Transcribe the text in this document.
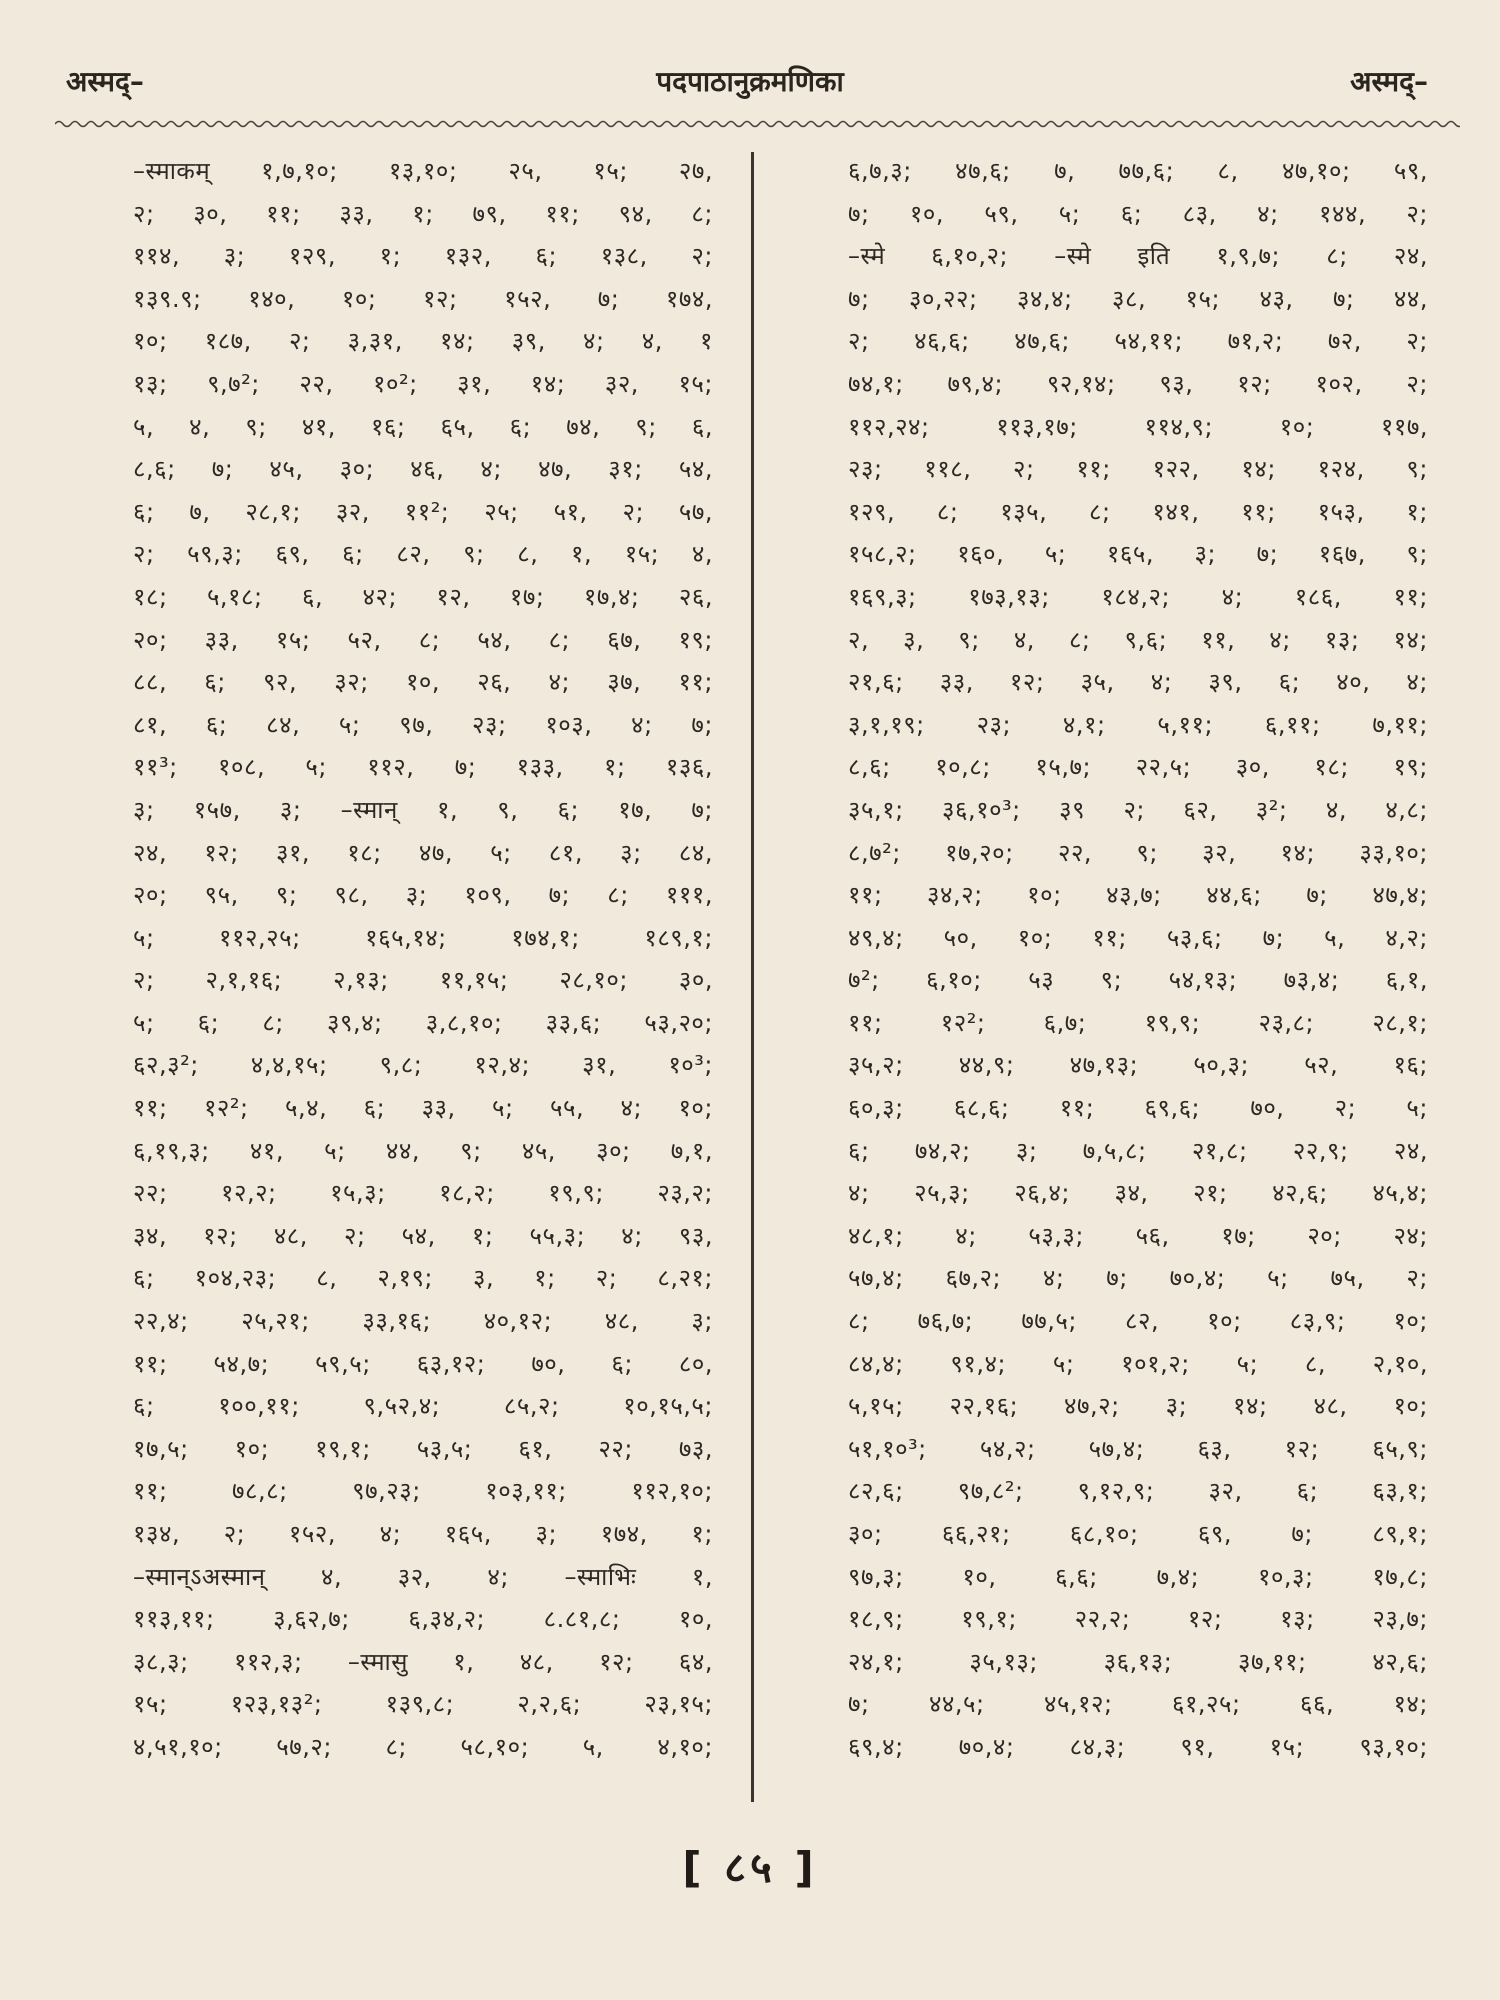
अस्मद्–	पदपाठानुक्रमणिका	अस्मद्–
–स्माकम् १,७,१०; १३,१०; २५, १५; २७,
२; ३०, ११; ३३, १; ७९, ११; ९४, ८;
११४, ३; १२९, १; १३२, ६; १३८, २;
१३९.९; १४०, १०; १२; १५२, ७; १७४,
१०; १८७, २; ३,३१, १४; ३९, ४; ४, १
१३; ९,७²; २२, १०²; ३१, १४; ३२, १५;
५, ४, ९; ४१, १६; ६५, ६; ७४, ९; ६,
८,६; ७; ४५, ३०; ४६, ४; ४७, ३१; ५४,
६; ७, २८,१; ३२, ११²; २५; ५१, २; ५७,
२; ५९,३; ६९, ६; ८२, ९; ८, १, १५; ४,
१८; ५,१८; ६, ४२; १२, १७; १७,४; २६,
२०; ३३, १५; ५२, ८; ५४, ८; ६७, १९;
८८, ६; ९२, ३२; १०, २६, ४; ३७, ११;
८१, ६; ८४, ५; ९७, २३; १०३, ४; ७;
११³; १०८, ५; ११२, ७; १३३, १; १३६,
३; १५७, ३; –स्मान् १, ९, ६; १७, ७;
२४, १२; ३१, १८; ४७, ५; ८१, ३; ८४,
२०; ९५, ९; ९८, ३; १०९, ७; ८; १११,
५; ११२,२५; १६५,१४; १७४,१; १८९,१;
२; २,१,१६; २,१३; ११,१५; २८,१०; ३०,
५; ६; ८; ३९,४; ३,८,१०; ३३,६; ५३,२०;
६२,३²; ४,४,१५; ९,८; १२,४; ३१, १०³;
११; १२²; ५,४, ६; ३३, ५; ५५, ४; १०;
६,१९,३; ४१, ५; ४४, ९; ४५, ३०; ७,१,
२२; १२,२; १५,३; १८,२; १९,९; २३,२;
३४, १२; ४८, २; ५४, १; ५५,३; ४; ९३,
६; १०४,२३; ८, २,१९; ३, १; २; ८,२१;
२२,४; २५,२१; ३३,१६; ४०,१२; ४८, ३;
११; ५४,७; ५९,५; ६३,१२; ७०, ६; ८०,
६; १००,११; ९,५२,४; ८५,२; १०,१५,५;
१७,५; १०; १९,१; ५३,५; ६१, २२; ७३,
११; ७८,८; ९७,२३; १०३,११; ११२,१०;
१३४, २; १५२, ४; १६५, ३; १७४, १;
–स्मान्ऽअस्मान् ४, ३२, ४; –स्माभिः १,
११३,११; ३,६२,७; ६,३४,२; ८.८१,८; १०,
३८,३; ११२,३; –स्मासु १, ४८, १२; ६४,
१५; १२३,१३²; १३९,८; २,२,६; २३,१५;
४,५१,१०; ५७,२; ८; ५८,१०; ५, ४,१०;
६,७,३; ४७,६; ७, ७७,६; ८, ४७,१०; ५९,
७; १०, ५९, ५; ६; ८३, ४; १४४, २;
–स्मे ६,१०,२; –स्मे इति १,९,७; ८; २४,
७; ३०,२२; ३४,४; ३८, १५; ४३, ७; ४४,
२; ४६,६; ४७,६; ५४,११; ७१,२; ७२, २;
७४,१; ७९,४; ९२,१४; ९३, १२; १०२, २;
११२,२४; ११३,१७; ११४,९; १०; ११७,
२३; ११८, २; ११; १२२, १४; १२४, ९;
१२९, ८; १३५, ८; १४१, ११; १५३, १;
१५८,२; १६०, ५; १६५, ३; ७; १६७, ९;
१६९,३; १७३,१३; १८४,२; ४; १८६, ११;
२, ३, ९; ४, ८; ९,६; ११, ४; १३; १४;
२१,६; ३३, १२; ३५, ४; ३९, ६; ४०, ४;
३,१,१९; २३; ४,१; ५,११; ६,११; ७,११;
८,६; १०,८; १५,७; २२,५; ३०, १८; १९;
३५,१; ३६,१०³; ३९ २; ६२, ३²; ४, ४,८;
८,७²; १७,२०; २२, ९; ३२, १४; ३३,१०;
११; ३४,२; १०; ४३,७; ४४,६; ७; ४७,४;
४९,४; ५०, १०; ११; ५३,६; ७; ५, ४,२;
७²; ६,१०; ५३ ९; ५४,१३; ७३,४; ६,१,
११; १२²; ६,७; १९,९; २३,८; २८,१;
३५,२; ४४,९; ४७,१३; ५०,३; ५२, १६;
६०,३; ६८,६; ११; ६९,६; ७०, २; ५;
६; ७४,२; ३; ७,५,८; २१,८; २२,९; २४,
४; २५,३; २६,४; ३४, २१; ४२,६; ४५,४;
४८,१; ४; ५३,३; ५६, १७; २०; २४;
५७,४; ६७,२; ४; ७; ७०,४; ५; ७५, २;
८; ७६,७; ७७,५; ८२, १०; ८३,९; १०;
८४,४; ९१,४; ५; १०१,२; ५; ८, २,१०,
५,१५; २२,१६; ४७,२; ३; १४; ४८, १०;
५१,१०³; ५४,२; ५७,४; ६३, १२; ६५,९;
८२,६; ९७,८²; ९,१२,९; ३२, ६; ६३,१;
३०; ६६,२१; ६८,१०; ६९, ७; ८९,१;
९७,३; १०, ६,६; ७,४; १०,३; १७,८;
१८,९; १९,१; २२,२; १२; १३; २३,७;
२४,१; ३५,१३; ३६,१३; ३७,११; ४२,६;
७; ४४,५; ४५,१२; ६१,२५; ६६, १४;
६९,४; ७०,४; ८४,३; ९१, १५; ९३,१०;
[ ८५ ]
